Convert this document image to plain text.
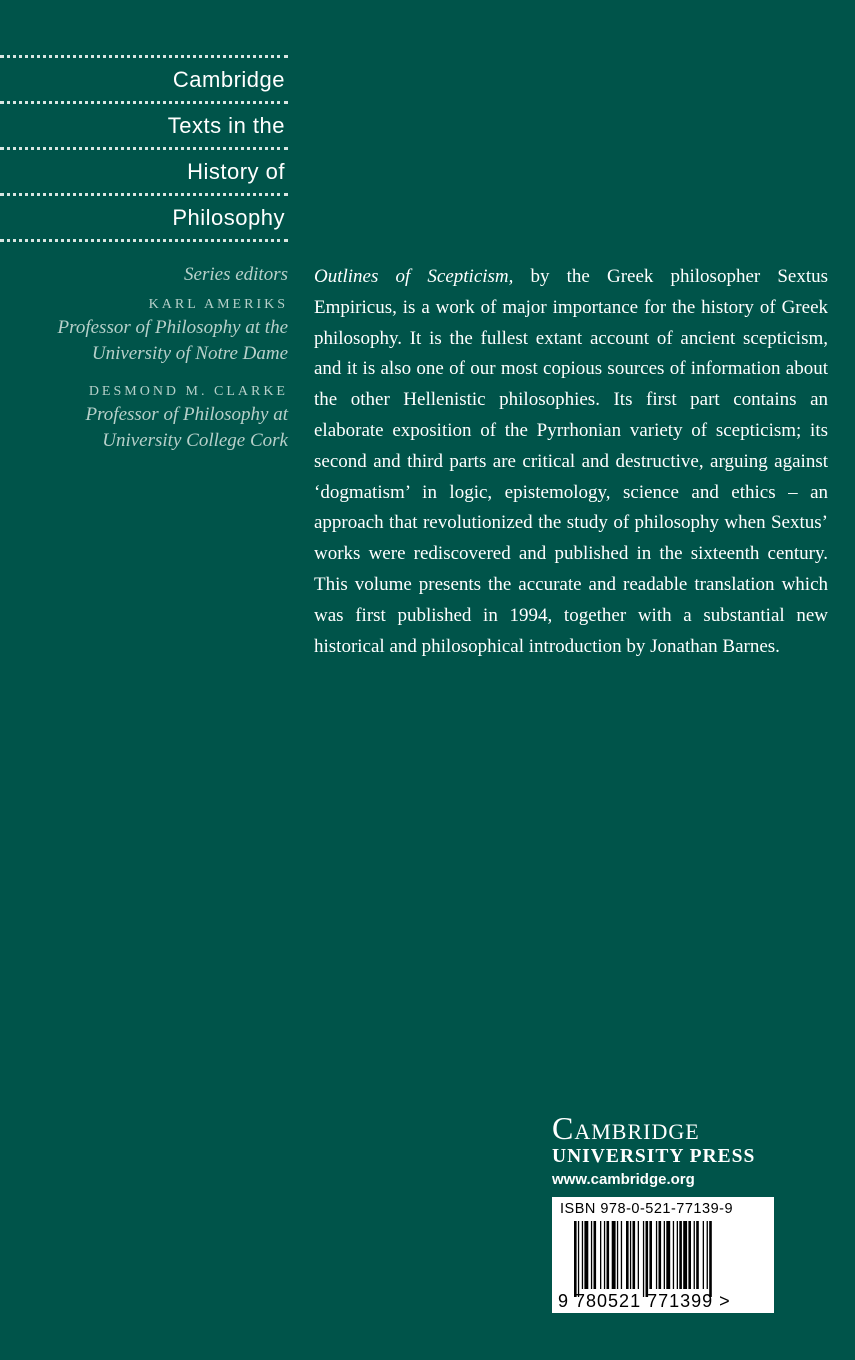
Cambridge
Texts in the
History of
Philosophy
Series editors
KARL AMERIKS
Professor of Philosophy at the
University of Notre Dame
DESMOND M. CLARKE
Professor of Philosophy at
University College Cork
Outlines of Scepticism, by the Greek philosopher Sextus Empiricus, is a work of major importance for the history of Greek philosophy. It is the fullest extant account of ancient scepticism, and it is also one of our most copious sources of information about the other Hellenistic philosophies. Its first part contains an elaborate exposition of the Pyrrhonian variety of scepticism; its second and third parts are critical and destructive, arguing against ‘dogmatism’ in logic, epistemology, science and ethics – an approach that revolutionized the study of philosophy when Sextus’ works were rediscovered and published in the sixteenth century. This volume presents the accurate and readable translation which was first published in 1994, together with a substantial new historical and philosophical introduction by Jonathan Barnes.
Cambridge
UNIVERSITY PRESS
www.cambridge.org
ISBN 978-0-521-77139-9
9 780521 771399 >
